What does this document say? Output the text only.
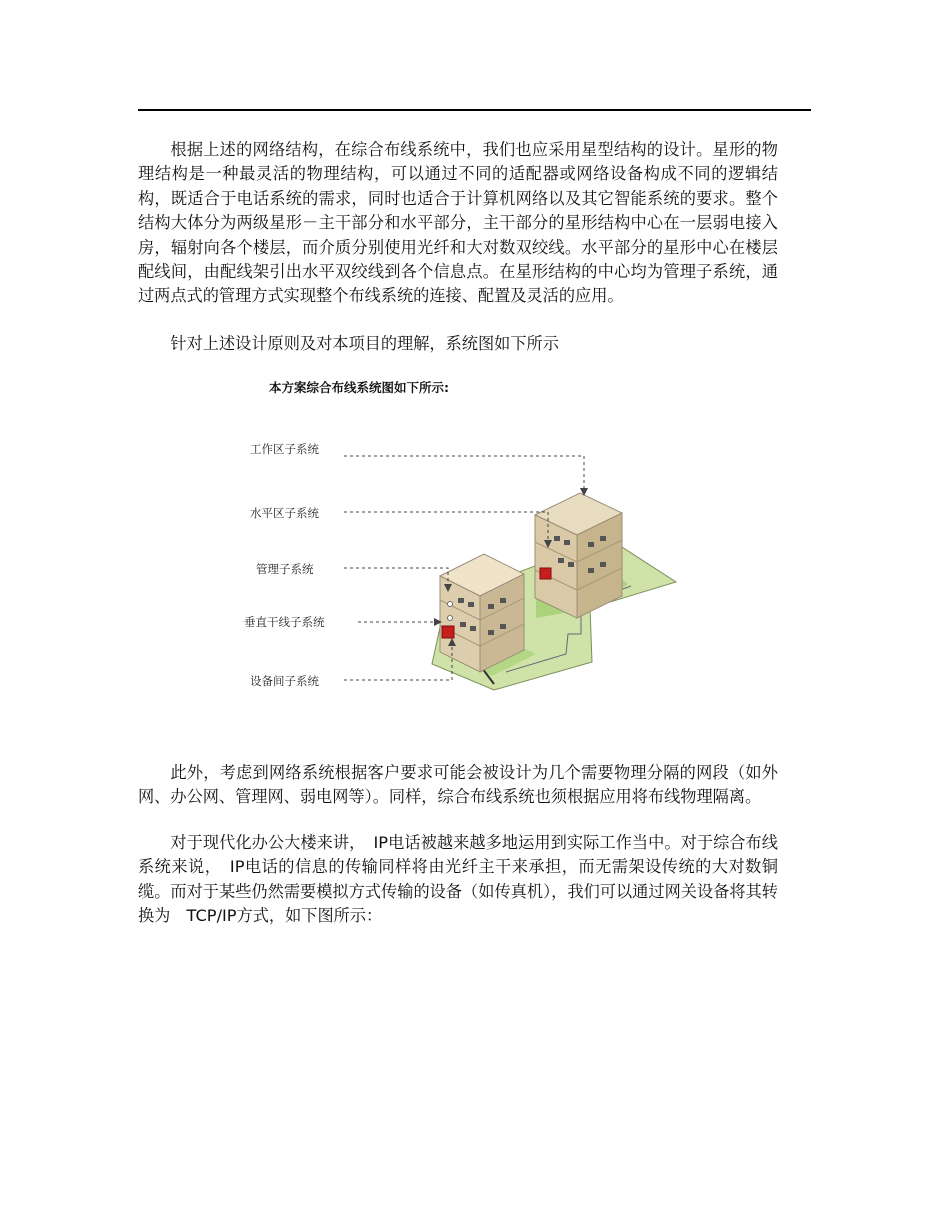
根据上述的网络结构，在综合布线系统中，我们也应采用星型结构的设计。星形的物理结构是一种最灵活的物理结构，可以通过不同的适配器或网络设备构成不同的逻辑结构，既适合于电话系统的需求，同时也适合于计算机网络以及其它智能系统的要求。整个结构大体分为两级星形－主干部分和水平部分，主干部分的星形结构中心在一层弱电接入房，辐射向各个楼层，而介质分别使用光纤和大对数双绞线。水平部分的星形中心在楼层配线间，由配线架引出水平双绞线到各个信息点。在星形结构的中心均为管理子系统，通过两点式的管理方式实现整个布线系统的连接、配置及灵活的应用。

针对上述设计原则及对本项目的理解，系统图如下所示

本方案综合布线系统图如下所示:
工作区子系统
水平区子系统
管理子系统
垂直干线子系统
设备间子系统

此外，考虑到网络系统根据客户要求可能会被设计为几个需要物理分隔的网段（如外网、办公网、管理网、弱电网等）。同样，综合布线系统也须根据应用将布线物理隔离。

对于现代化办公大楼来讲，　IP电话被越来越多地运用到实际工作当中。对于综合布线系统来说，　IP电话的信息的传输同样将由光纤主干来承担，而无需架设传统的大对数铜缆。而对于某些仍然需要模拟方式传输的设备（如传真机），我们可以通过网关设备将其转换为　TCP/IP方式，如下图所示：
